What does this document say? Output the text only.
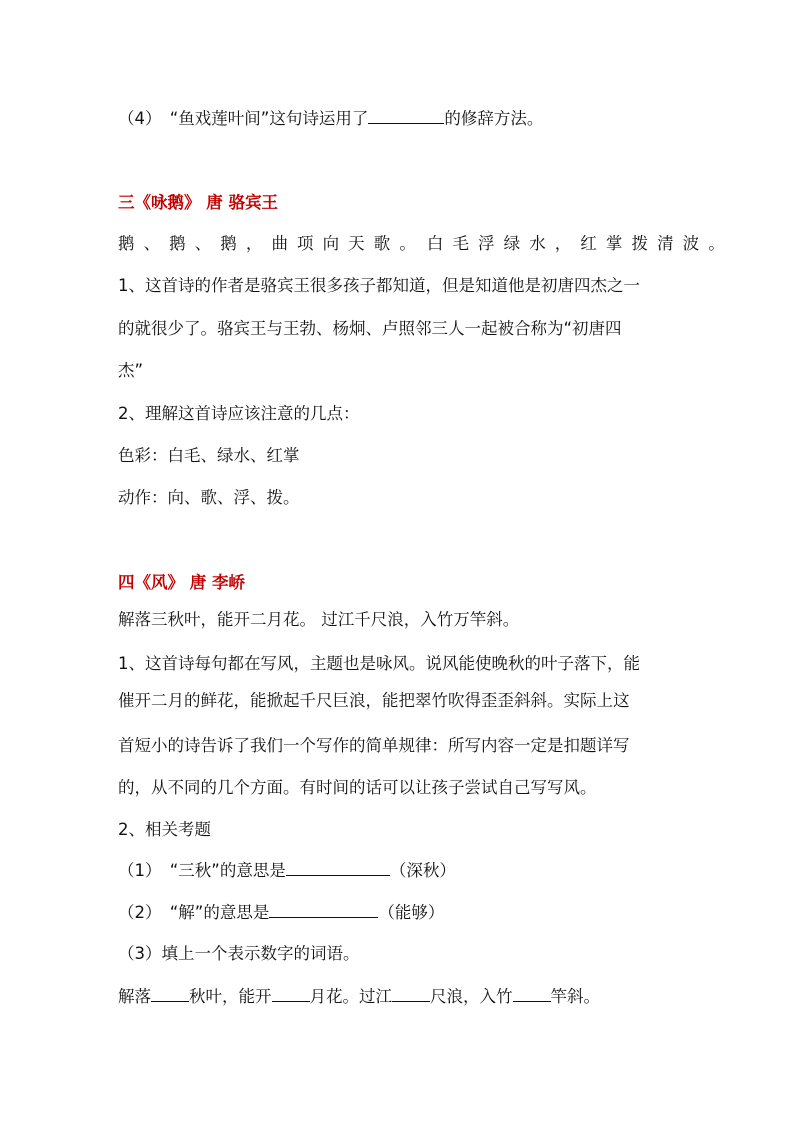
（4）　“鱼戏莲叶间”这句诗运用了	的修辞方法。
三《咏鹅》 唐 骆宾王
鹅、鹅、鹅，曲项向天歌。 白毛浮绿水，红掌拨清波。
1、这首诗的作者是骆宾王很多孩子都知道，但是知道他是初唐四杰之一
的就很少了。骆宾王与王勃、杨炯、卢照邻三人一起被合称为“初唐四
杰”
2、理解这首诗应该注意的几点：
色彩：白毛、绿水、红掌
动作：向、歌、浮、拨。
四《风》 唐 李峤
解落三秋叶，能开二月花。 过江千尺浪，入竹万竿斜。
1、这首诗每句都在写风，主题也是咏风。说风能使晚秋的叶子落下，能
催开二月的鲜花，能掀起千尺巨浪，能把翠竹吹得歪歪斜斜。实际上这
首短小的诗告诉了我们一个写作的简单规律：所写内容一定是扣题详写
的，从不同的几个方面。有时间的话可以让孩子尝试自己写写风。
2、相关考题
（1）　“三秋”的意思是	（深秋）
（2）　“解”的意思是	（能够）
（3）填上一个表示数字的词语。
解落 秋叶，能开 月花。过江 尺浪，入竹 竿斜。
